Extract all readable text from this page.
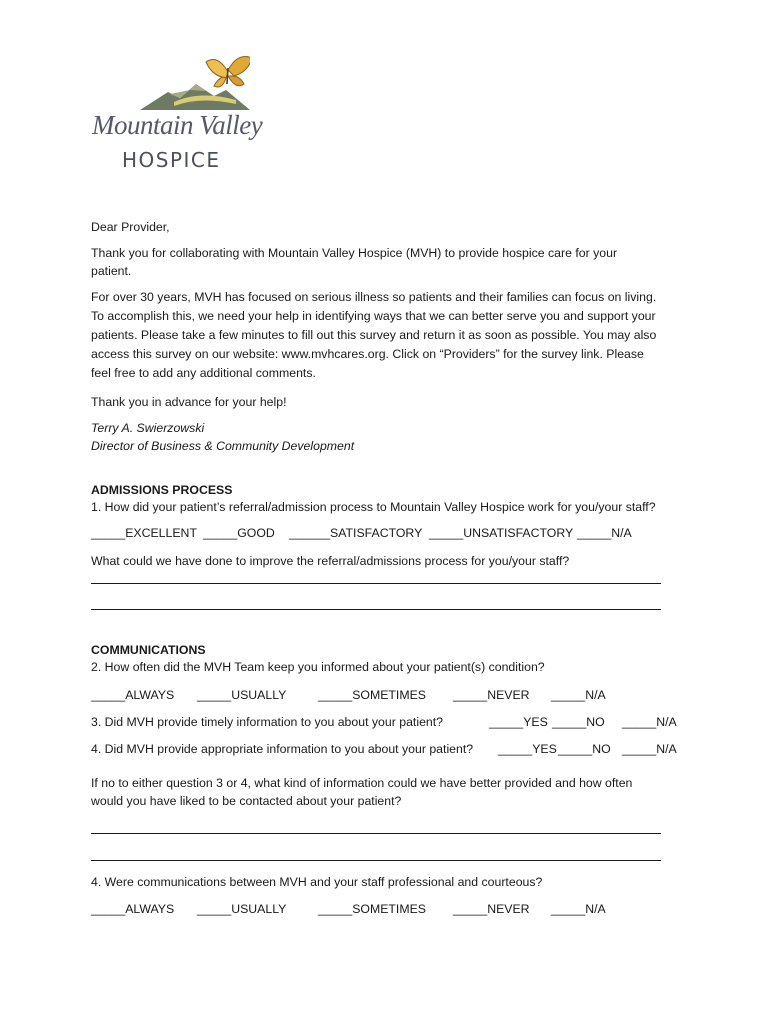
Mountain Valley
HOSPICE
Dear Provider,
Thank you for collaborating with Mountain Valley Hospice (MVH) to provide hospice care for your
patient.
For over 30 years, MVH has focused on serious illness so patients and their families can focus on living.
To accomplish this, we need your help in identifying ways that we can better serve you and support your
patients. Please take a few minutes to fill out this survey and return it as soon as possible. You may also
access this survey on our website: www.mvhcares.org. Click on “Providers” for the survey link. Please
feel free to add any additional comments.
Thank you in advance for your help!
Terry A. Swierzowski
Director of Business & Community Development
ADMISSIONS PROCESS
1. How did your patient’s referral/admission process to Mountain Valley Hospice work for you/your staff?
_____EXCELLENT _____GOOD ______SATISFACTORY _____UNSATISFACTORY _____N/A
What could we have done to improve the referral/admissions process for you/your staff?
COMMUNICATIONS
2. How often did the MVH Team keep you informed about your patient(s) condition?
_____ALWAYS _____USUALLY	_____SOMETIMES _____NEVER _____N/A
3. Did MVH provide timely information to you about your patient?	_____YES _____NO _____N/A
4. Did MVH provide appropriate information to you about your patient? _____YES _____NO _____N/A
If no to either question 3 or 4, what kind of information could we have better provided and how often
would you have liked to be contacted about your patient?
4. Were communications between MVH and your staff professional and courteous?
_____ALWAYS _____USUALLY	_____SOMETIMES _____NEVER _____N/A
